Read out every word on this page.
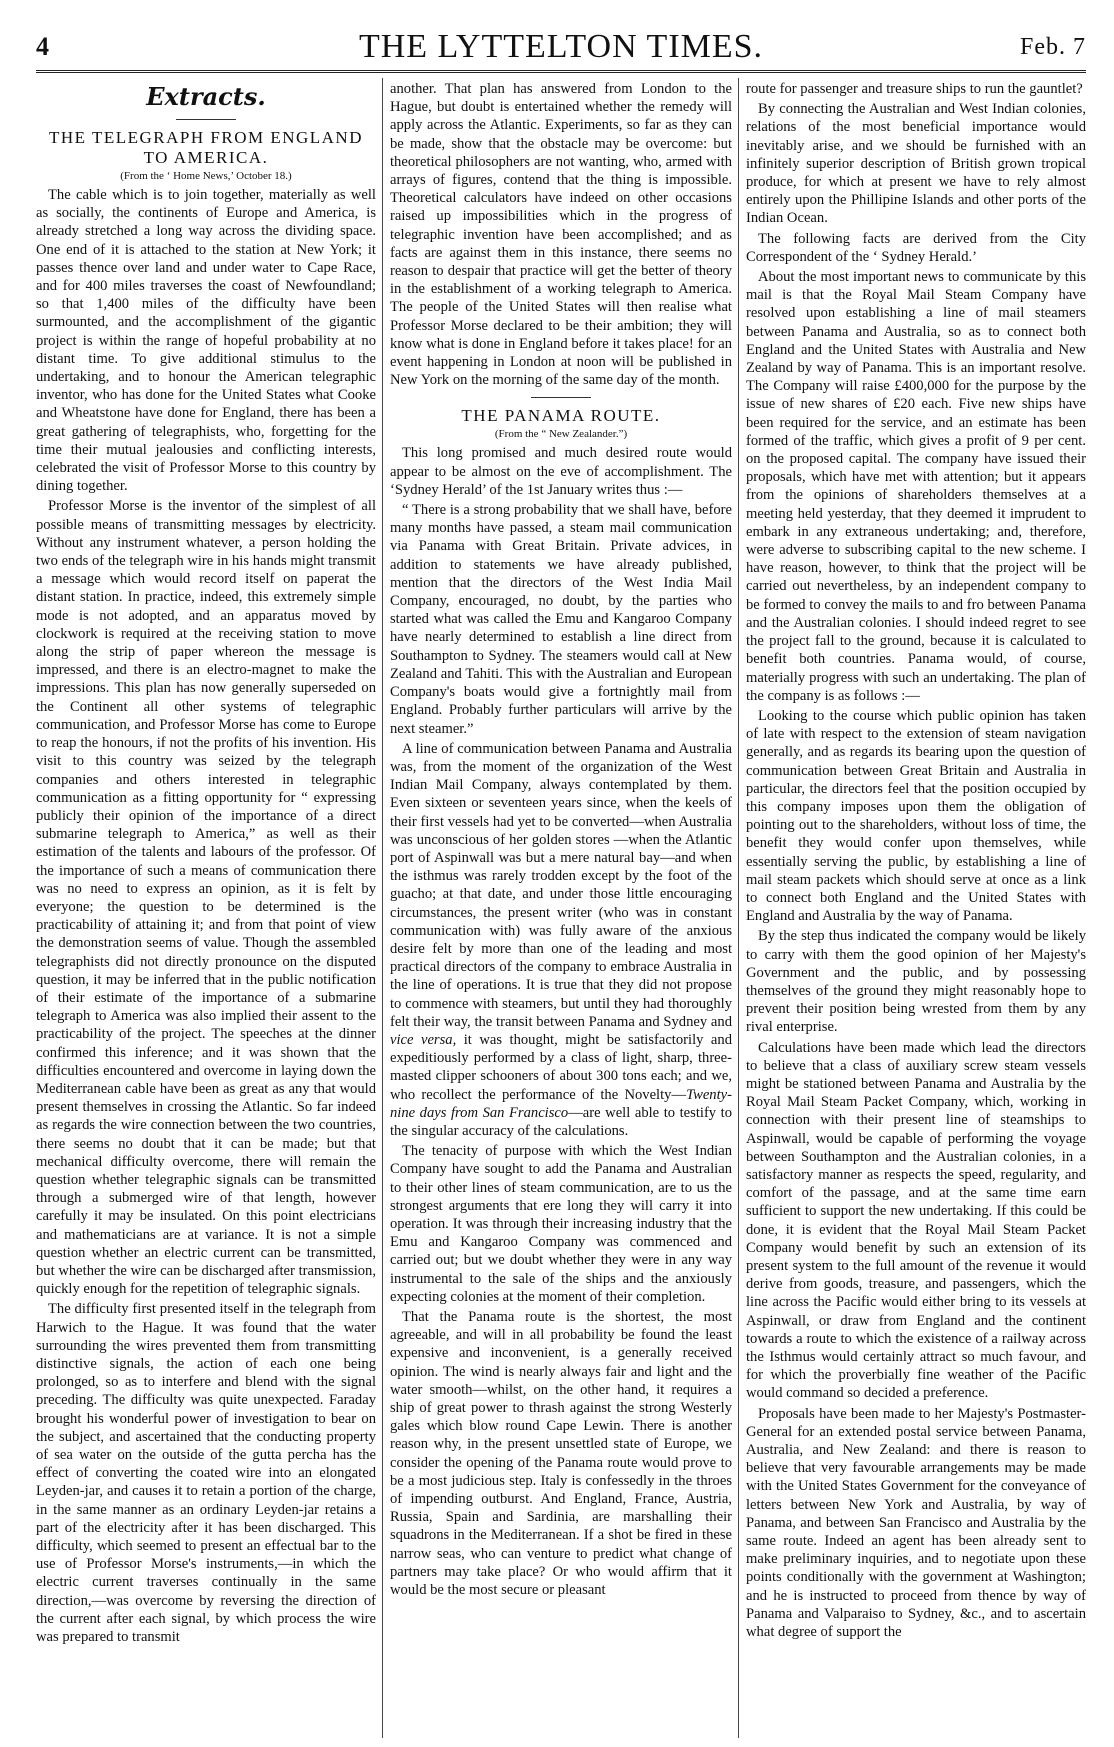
4	THE LYTTELTON TIMES.	Feb. 7
Extracts.
THE TELEGRAPH FROM ENGLAND TO AMERICA.
(From the ‘ Home News,’ October 18.)

The cable which is to join together, materially as well as socially, the continents of Europe and America, is already stretched a long way across the dividing space. One end of it is attached to the station at New York; it passes thence over land and under water to Cape Race, and for 400 miles traverses the coast of Newfoundland; so that 1,400 miles of the difficulty have been surmounted, and the accomplishment of the gigantic project is within the range of hopeful probability at no distant time. To give additional stimulus to the undertaking, and to honour the American telegraphic inventor, who has done for the United States what Cooke and Wheatstone have done for England, there has been a great gathering of telegraphists, who, forgetting for the time their mutual jealousies and conflicting interests, celebrated the visit of Professor Morse to this country by dining together.

Professor Morse is the inventor of the simplest of all possible means of transmitting messages by electricity. Without any instrument whatever, a person holding the two ends of the telegraph wire in his hands might transmit a message which would record itself on paperat the distant station. In practice, indeed, this extremely simple mode is not adopted, and an apparatus moved by clockwork is required at the receiving station to move along the strip of paper whereon the message is impressed, and there is an electro-magnet to make the impressions. This plan has now generally superseded on the Continent all other systems of telegraphic communication, and Professor Morse has come to Europe to reap the honours, if not the profits of his invention. His visit to this country was seized by the telegraph companies and others interested in telegraphic communication as a fitting opportunity for “ expressing publicly their opinion of the importance of a direct submarine telegraph to America,” as well as their estimation of the talents and labours of the professor. Of the importance of such a means of communication there was no need to express an opinion, as it is felt by everyone; the question to be determined is the practicability of attaining it; and from that point of view the demonstration seems of value. Though the assembled telegraphists did not directly pronounce on the disputed question, it may be inferred that in the public notification of their estimate of the importance of a submarine telegraph to America was also implied their assent to the practicability of the project. The speeches at the dinner confirmed this inference; and it was shown that the difficulties encountered and overcome in laying down the Mediterranean cable have been as great as any that would present themselves in crossing the Atlantic. So far indeed as regards the wire connection between the two countries, there seems no doubt that it can be made; but that mechanical difficulty overcome, there will remain the question whether telegraphic signals can be transmitted through a submerged wire of that length, however carefully it may be insulated. On this point electricians and mathematicians are at variance. It is not a simple question whether an electric current can be transmitted, but whether the wire can be discharged after transmission, quickly enough for the repetition of telegraphic signals.

The difficulty first presented itself in the telegraph from Harwich to the Hague. It was found that the water surrounding the wires prevented them from transmitting distinctive signals, the action of each one being prolonged, so as to interfere and blend with the signal preceding. The difficulty was quite unexpected. Faraday brought his wonderful power of investigation to bear on the subject, and ascertained that the conducting property of sea water on the outside of the gutta percha has the effect of converting the coated wire into an elongated Leyden-jar, and causes it to retain a portion of the charge, in the same manner as an ordinary Leyden-jar retains a part of the electricity after it has been discharged. This difficulty, which seemed to present an effectual bar to the use of Professor Morse's instruments,—in which the electric current traverses continually in the same direction,—was overcome by reversing the direction of the current after each signal, by which process the wire was prepared to transmit

another. That plan has answered from London to the Hague, but doubt is entertained whether the remedy will apply across the Atlantic. Experiments, so far as they can be made, show that the obstacle may be overcome: but theoretical philosophers are not wanting, who, armed with arrays of figures, contend that the thing is impossible. Theoretical calculators have indeed on other occasions raised up impossibilities which in the progress of telegraphic invention have been accomplished; and as facts are against them in this instance, there seems no reason to despair that practice will get the better of theory in the establishment of a working telegraph to America. The people of the United States will then realise what Professor Morse declared to be their ambition; they will know what is done in England before it takes place! for an event happening in London at noon will be published in New York on the morning of the same day of the month.

THE PANAMA ROUTE.
(From the “ New Zealander.”)

This long promised and much desired route would appear to be almost on the eve of accomplishment. The ‘Sydney Herald’ of the 1st January writes thus :—

“ There is a strong probability that we shall have, before many months have passed, a steam mail communication via Panama with Great Britain. Private advices, in addition to statements we have already published, mention that the directors of the West India Mail Company, encouraged, no doubt, by the parties who started what was called the Emu and Kangaroo Company have nearly determined to establish a line direct from Southampton to Sydney. The steamers would call at New Zealand and Tahiti. This with the Australian and European Company's boats would give a fortnightly mail from England. Probably further particulars will arrive by the next steamer.”

A line of communication between Panama and Australia was, from the moment of the organization of the West Indian Mail Company, always contemplated by them. Even sixteen or seventeen years since, when the keels of their first vessels had yet to be converted—when Australia was unconscious of her golden stores —when the Atlantic port of Aspinwall was but a mere natural bay—and when the isthmus was rarely trodden except by the foot of the guacho; at that date, and under those little encouraging circumstances, the present writer (who was in constant communication with) was fully aware of the anxious desire felt by more than one of the leading and most practical directors of the company to embrace Australia in the line of operations. It is true that they did not propose to commence with steamers, but until they had thoroughly felt their way, the transit between Panama and Sydney and vice versa, it was thought, might be satisfactorily and expeditiously performed by a class of light, sharp, three-masted clipper schooners of about 300 tons each; and we, who recollect the performance of the Novelty—Twenty-nine days from San Francisco—are well able to testify to the singular accuracy of the calculations.

The tenacity of purpose with which the West Indian Company have sought to add the Panama and Australian to their other lines of steam communication, are to us the strongest arguments that ere long they will carry it into operation. It was through their increasing industry that the Emu and Kangaroo Company was commenced and carried out; but we doubt whether they were in any way instrumental to the sale of the ships and the anxiously expecting colonies at the moment of their completion.

That the Panama route is the shortest, the most agreeable, and will in all probability be found the least expensive and inconvenient, is a generally received opinion. The wind is nearly always fair and light and the water smooth—whilst, on the other hand, it requires a ship of great power to thrash against the strong Westerly gales which blow round Cape Lewin. There is another reason why, in the present unsettled state of Europe, we consider the opening of the Panama route would prove to be a most judicious step. Italy is confessedly in the throes of impending outburst. And England, France, Austria, Russia, Spain and Sardinia, are marshalling their squadrons in the Mediterranean. If a shot be fired in these narrow seas, who can venture to predict what change of partners may take place? Or who would affirm that it would be the most secure or pleasant

route for passenger and treasure ships to run the gauntlet?

By connecting the Australian and West Indian colonies, relations of the most beneficial importance would inevitably arise, and we should be furnished with an infinitely superior description of British grown tropical produce, for which at present we have to rely almost entirely upon the Phillipine Islands and other ports of the Indian Ocean.

The following facts are derived from the City Correspondent of the ‘ Sydney Herald.’

About the most important news to communicate by this mail is that the Royal Mail Steam Company have resolved upon establishing a line of mail steamers between Panama and Australia, so as to connect both England and the United States with Australia and New Zealand by way of Panama. This is an important resolve. The Company will raise £400,000 for the purpose by the issue of new shares of £20 each. Five new ships have been required for the service, and an estimate has been formed of the traffic, which gives a profit of 9 per cent. on the proposed capital. The company have issued their proposals, which have met with attention; but it appears from the opinions of shareholders themselves at a meeting held yesterday, that they deemed it imprudent to embark in any extraneous undertaking; and, therefore, were adverse to subscribing capital to the new scheme. I have reason, however, to think that the project will be carried out nevertheless, by an independent company to be formed to convey the mails to and fro between Panama and the Australian colonies. I should indeed regret to see the project fall to the ground, because it is calculated to benefit both countries. Panama would, of course, materially progress with such an undertaking. The plan of the company is as follows :—

Looking to the course which public opinion has taken of late with respect to the extension of steam navigation generally, and as regards its bearing upon the question of communication between Great Britain and Australia in particular, the directors feel that the position occupied by this company imposes upon them the obligation of pointing out to the shareholders, without loss of time, the benefit they would confer upon themselves, while essentially serving the public, by establishing a line of mail steam packets which should serve at once as a link to connect both England and the United States with England and Australia by the way of Panama.

By the step thus indicated the company would be likely to carry with them the good opinion of her Majesty's Government and the public, and by possessing themselves of the ground they might reasonably hope to prevent their position being wrested from them by any rival enterprise.

Calculations have been made which lead the directors to believe that a class of auxiliary screw steam vessels might be stationed between Panama and Australia by the Royal Mail Steam Packet Company, which, working in connection with their present line of steamships to Aspinwall, would be capable of performing the voyage between Southampton and the Australian colonies, in a satisfactory manner as respects the speed, regularity, and comfort of the passage, and at the same time earn sufficient to support the new undertaking. If this could be done, it is evident that the Royal Mail Steam Packet Company would benefit by such an extension of its present system to the full amount of the revenue it would derive from goods, treasure, and passengers, which the line across the Pacific would either bring to its vessels at Aspinwall, or draw from England and the continent towards a route to which the existence of a railway across the Isthmus would certainly attract so much favour, and for which the proverbially fine weather of the Pacific would command so decided a preference.

Proposals have been made to her Majesty's Postmaster-General for an extended postal service between Panama, Australia, and New Zealand: and there is reason to believe that very favourable arrangements may be made with the United States Government for the conveyance of letters between New York and Australia, by way of Panama, and between San Francisco and Australia by the same route. Indeed an agent has been already sent to make preliminary inquiries, and to negotiate upon these points conditionally with the government at Washington; and he is instructed to proceed from thence by way of Panama and Valparaiso to Sydney, &c., and to ascertain what degree of support the
